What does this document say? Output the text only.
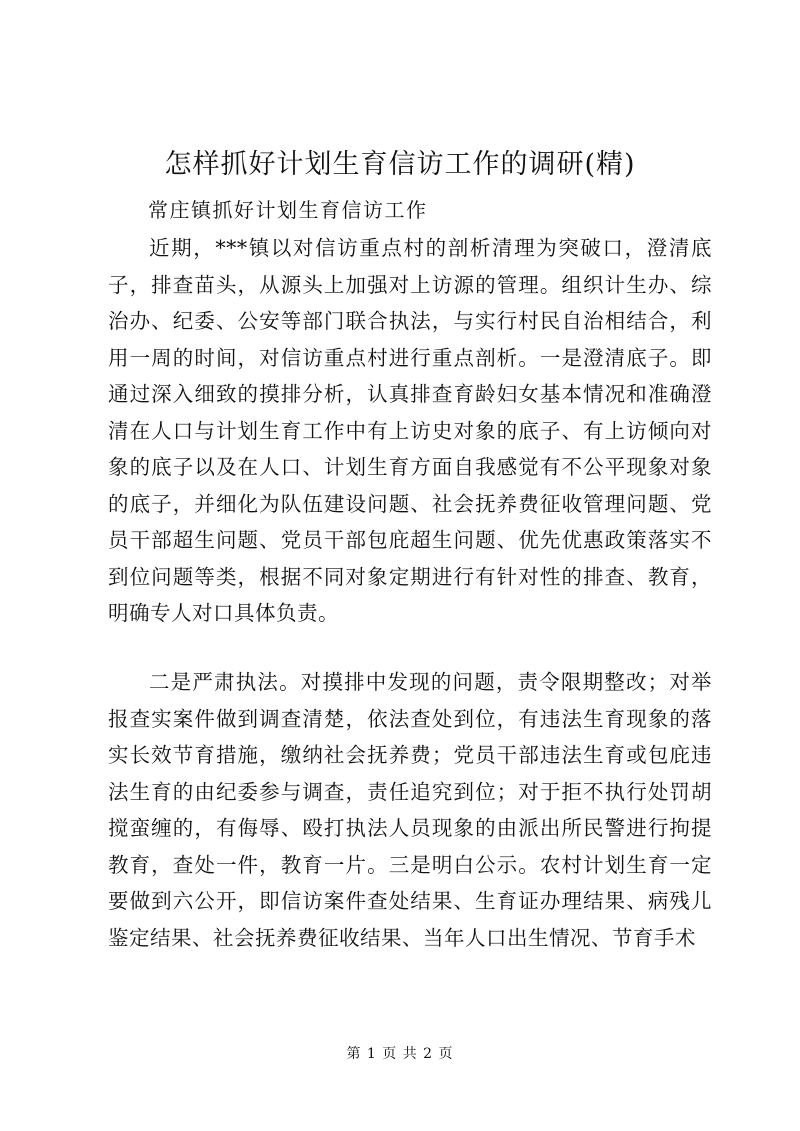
怎样抓好计划生育信访工作的调研(精)

常庄镇抓好计划生育信访工作

近期，***镇以对信访重点村的剖析清理为突破口，澄清底子，排查苗头，从源头上加强对上访源的管理。组织计生办、综治办、纪委、公安等部门联合执法，与实行村民自治相结合，利用一周的时间，对信访重点村进行重点剖析。一是澄清底子。即通过深入细致的摸排分析，认真排查育龄妇女基本情况和准确澄清在人口与计划生育工作中有上访史对象的底子、有上访倾向对象的底子以及在人口、计划生育方面自我感觉有不公平现象对象的底子，并细化为队伍建设问题、社会抚养费征收管理问题、党员干部超生问题、党员干部包庇超生问题、优先优惠政策落实不到位问题等类，根据不同对象定期进行有针对性的排查、教育，明确专人对口具体负责。

二是严肃执法。对摸排中发现的问题，责令限期整改；对举报查实案件做到调查清楚，依法查处到位，有违法生育现象的落实长效节育措施，缴纳社会抚养费；党员干部违法生育或包庇违法生育的由纪委参与调查，责任追究到位；对于拒不执行处罚胡搅蛮缠的，有侮辱、殴打执法人员现象的由派出所民警进行拘提教育，查处一件，教育一片。三是明白公示。农村计划生育一定要做到六公开，即信访案件查处结果、生育证办理结果、病残儿鉴定结果、社会抚养费征收结果、当年人口出生情况、节育手术

第 1 页 共 2 页
